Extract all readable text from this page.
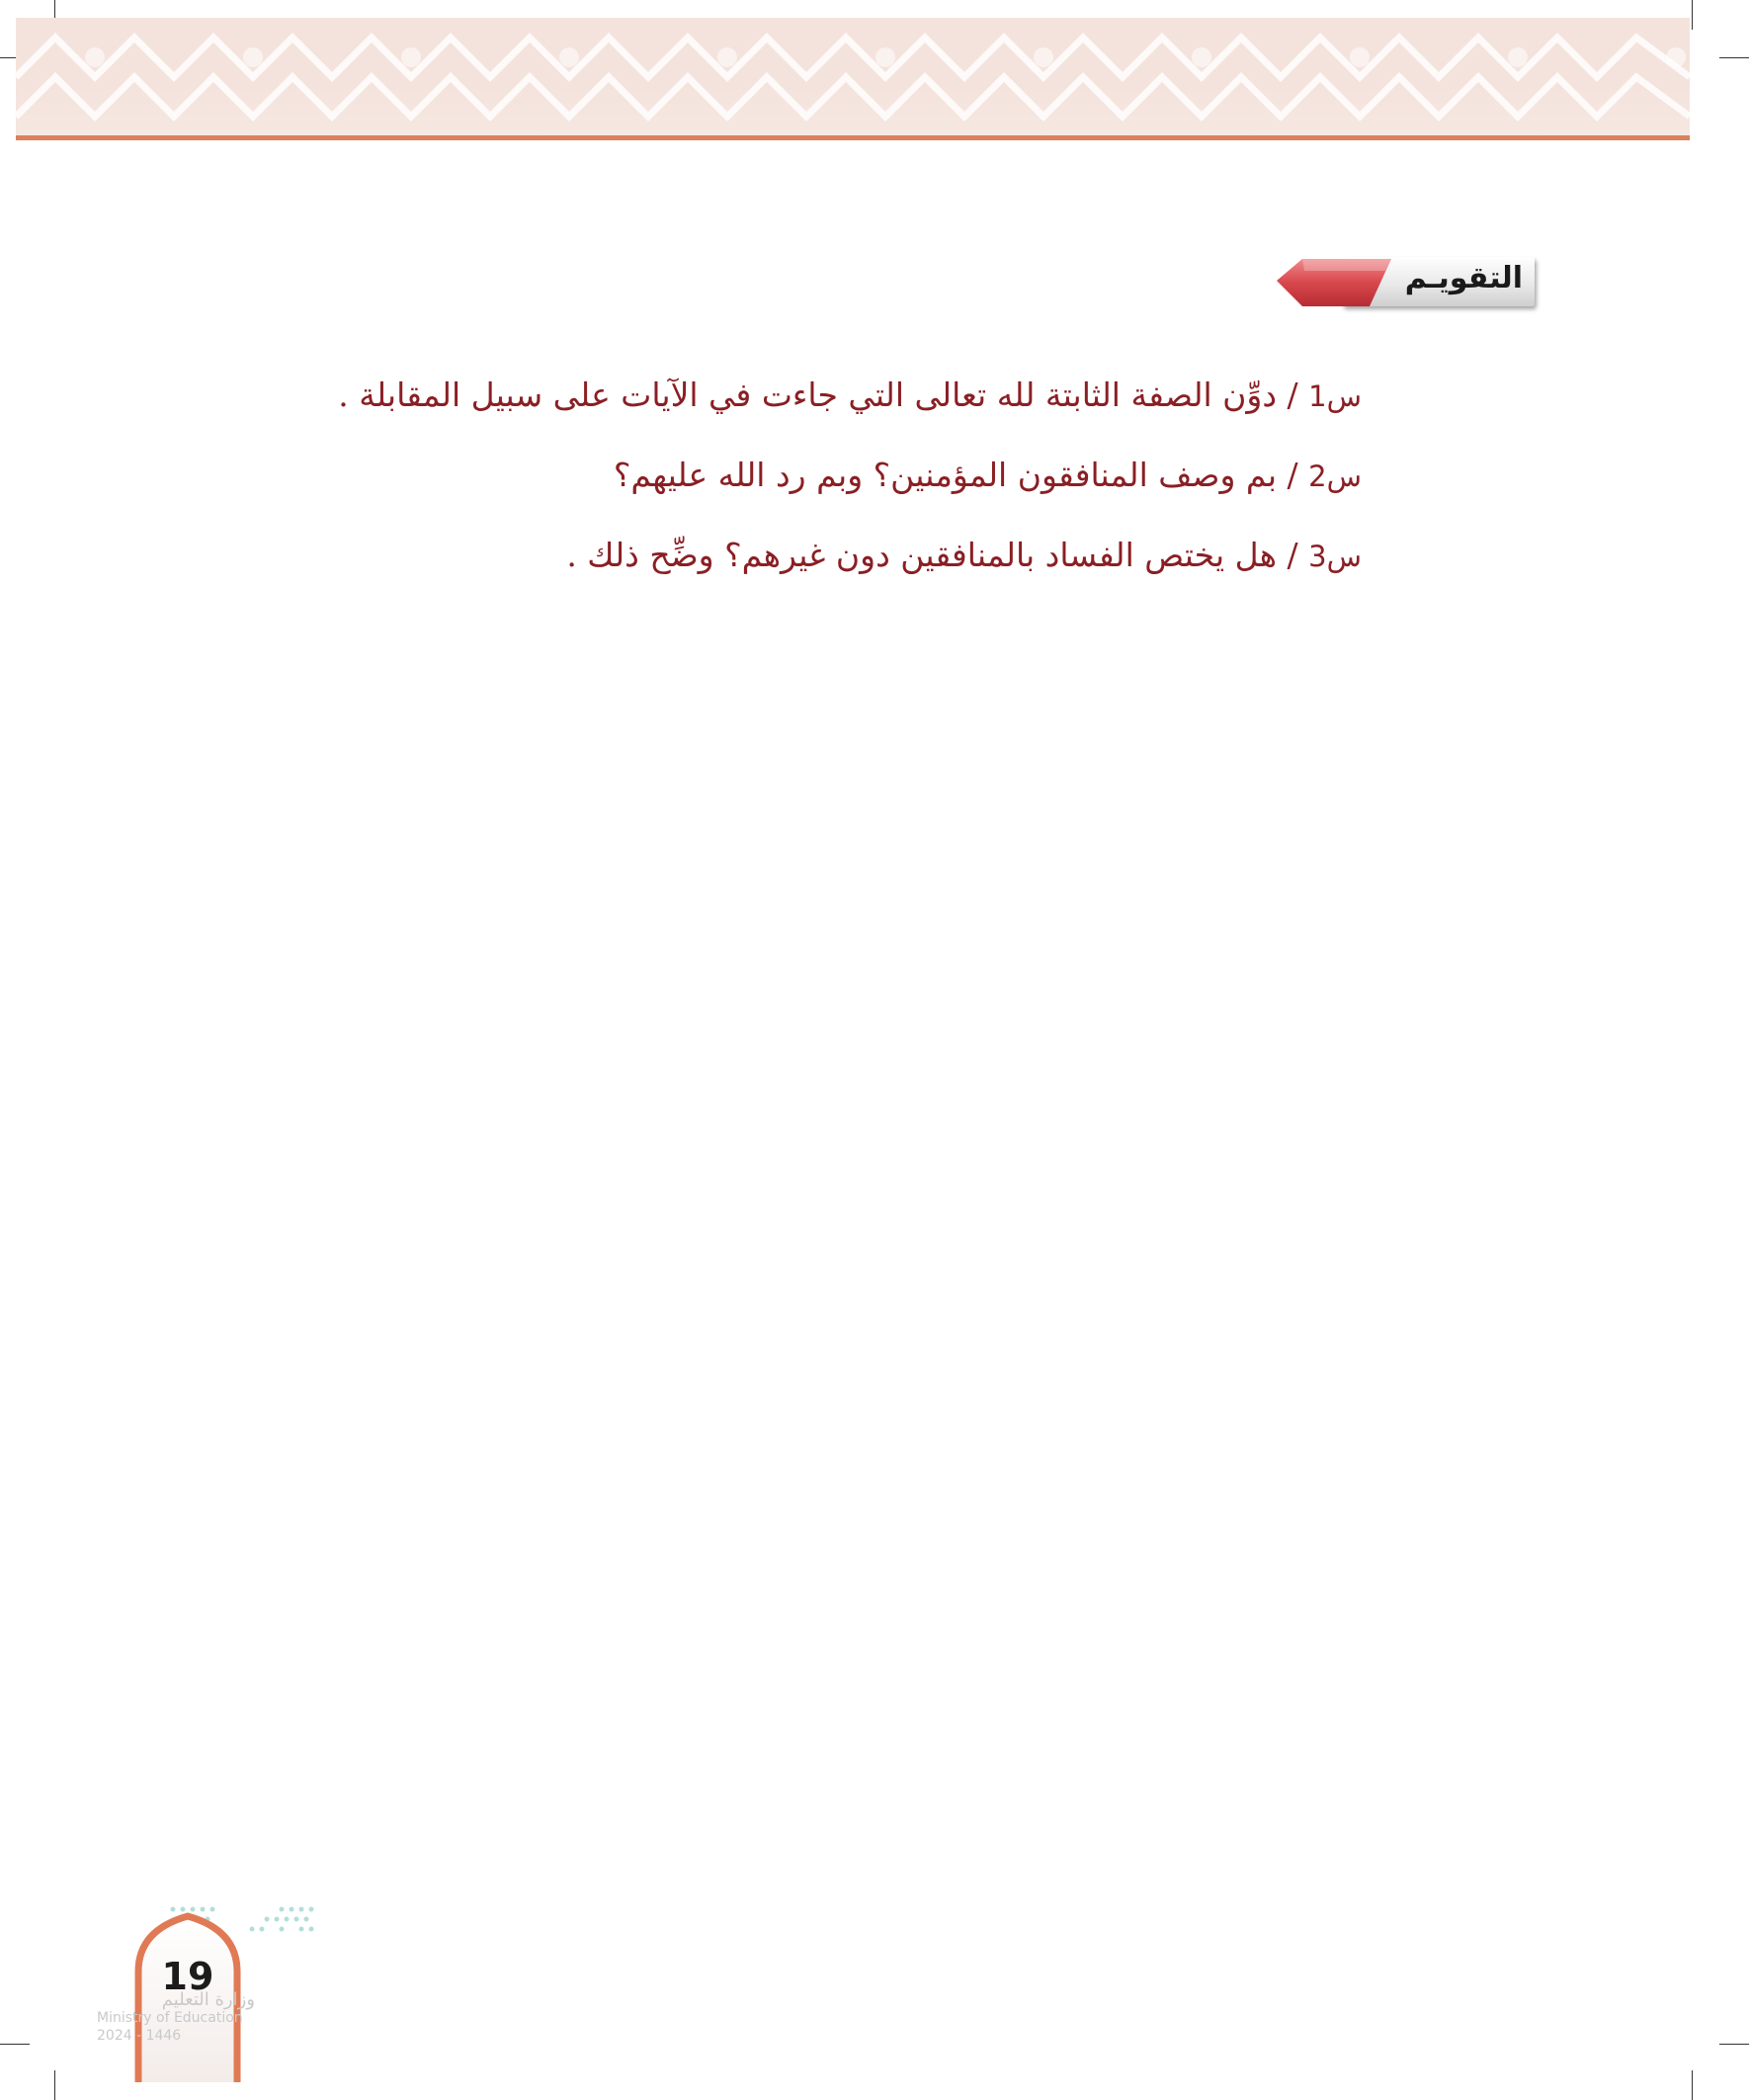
التقويـم
س1 / دوِّن الصفة الثابتة لله تعالى التي جاءت في الآيات على سبيل المقابلة .
س2 / بم وصف المنافقون المؤمنين؟ وبم رد الله عليهم؟
س3 / هل يختص الفساد بالمنافقين دون غيرهم؟ وضِّح ذلك .
19
وزارة التعليم
Ministry of Education
2024 - 1446
